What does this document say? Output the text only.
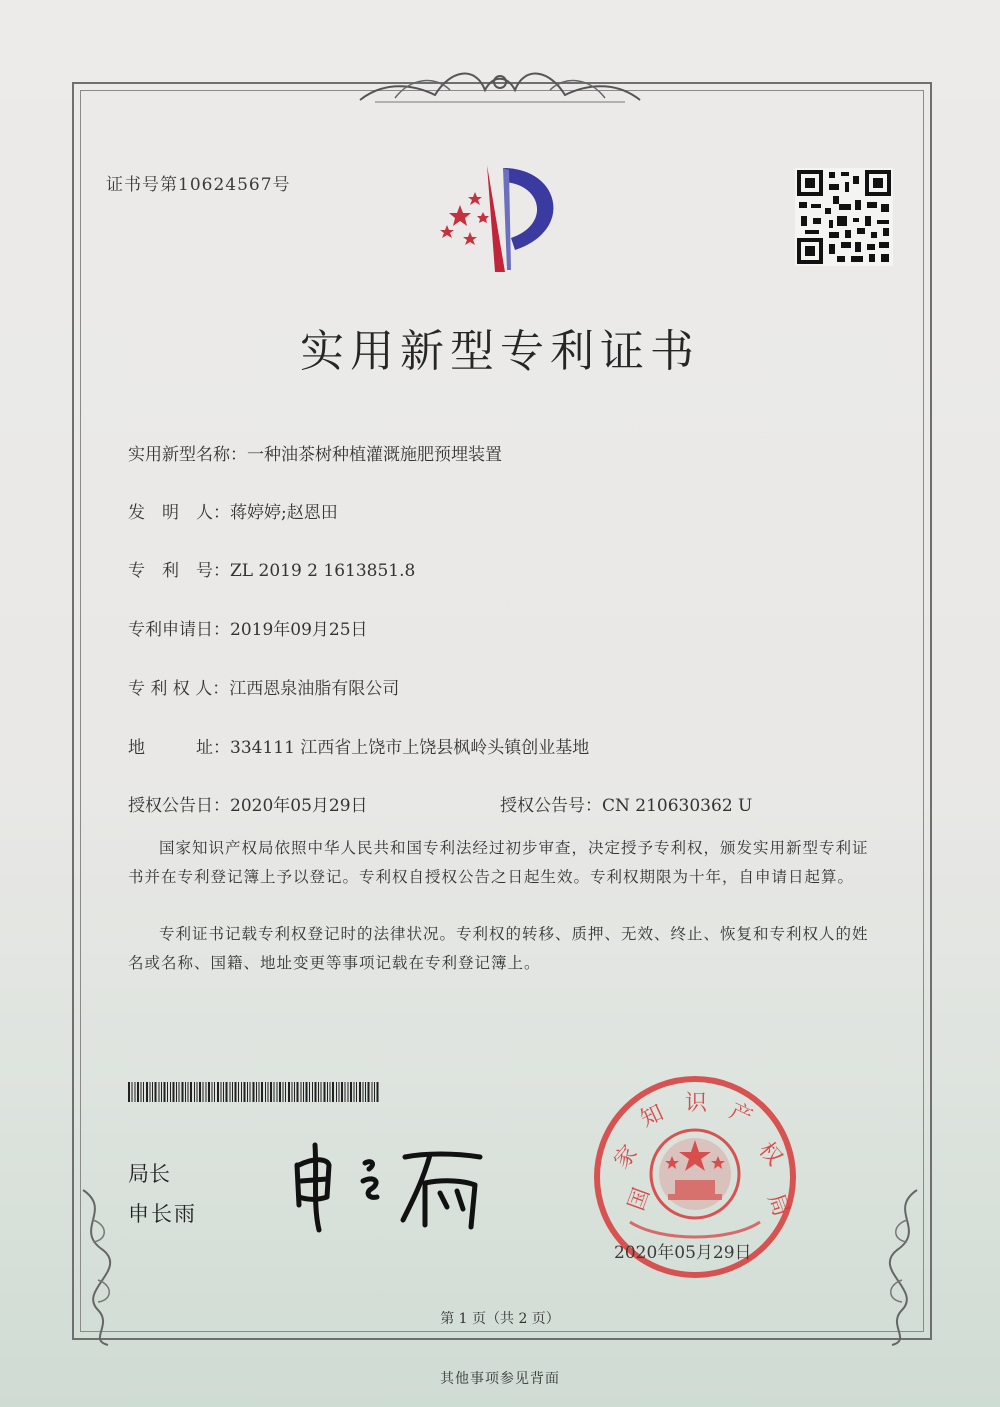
证书号第10624567号
实用新型专利证书
实用新型名称：一种油茶树种植灌溉施肥预埋装置
发　明　人：蒋婷婷;赵恩田
专　利　号：ZL 2019 2 1613851.8
专利申请日：2019年09月25日
专 利 权 人：江西恩泉油脂有限公司
地　　　址：334111 江西省上饶市上饶县枫岭头镇创业基地
授权公告日：2020年05月29日	授权公告号：CN 210630362 U
国家知识产权局依照中华人民共和国专利法经过初步审查，决定授予专利权，颁发实用新型专利证书并在专利登记簿上予以登记。专利权自授权公告之日起生效。专利权期限为十年，自申请日起算。
专利证书记载专利权登记时的法律状况。专利权的转移、质押、无效、终止、恢复和专利权人的姓名或名称、国籍、地址变更等事项记载在专利登记簿上。
局长
申长雨	国
家
知 识 产
权
局
2020年05月29日
第 1 页（共 2 页）
其他事项参见背面
